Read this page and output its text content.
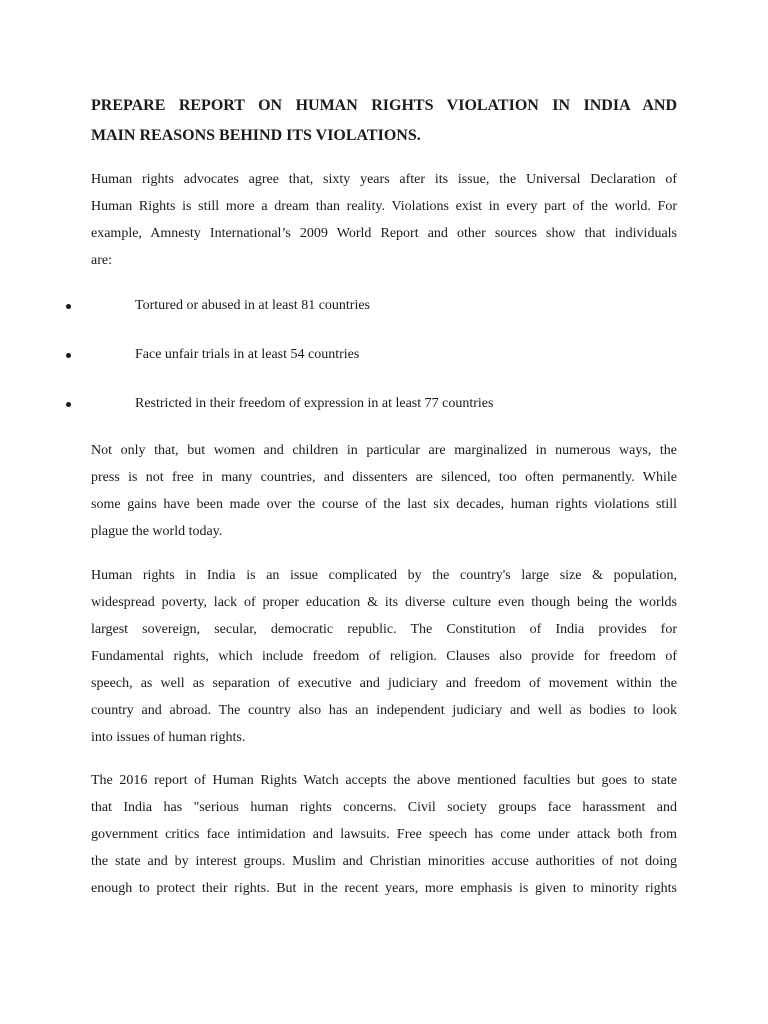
PREPARE REPORT ON HUMAN RIGHTS VIOLATION IN INDIA AND
MAIN REASONS BEHIND ITS VIOLATIONS.

Human rights advocates agree that, sixty years after its issue, the Universal Declaration of
Human Rights is still more a dream than reality. Violations exist in every part of the world. For
example, Amnesty International’s 2009 World Report and other sources show that individuals
are:

Tortured or abused in at least 81 countries
Face unfair trials in at least 54 countries
Restricted in their freedom of expression in at least 77 countries

Not only that, but women and children in particular are marginalized in numerous ways, the
press is not free in many countries, and dissenters are silenced, too often permanently. While
some gains have been made over the course of the last six decades, human rights violations still
plague the world today.

Human rights in India is an issue complicated by the country's large size & population,
widespread poverty, lack of proper education & its diverse culture even though being the worlds
largest sovereign, secular, democratic republic. The Constitution of India provides for
Fundamental rights, which include freedom of religion. Clauses also provide for freedom of
speech, as well as separation of executive and judiciary and freedom of movement within the
country and abroad. The country also has an independent judiciary and well as bodies to look
into issues of human rights.

The 2016 report of Human Rights Watch accepts the above mentioned faculties but goes to state
that India has "serious human rights concerns. Civil society groups face harassment and
government critics face intimidation and lawsuits. Free speech has come under attack both from
the state and by interest groups. Muslim and Christian minorities accuse authorities of not doing
enough to protect their rights. But in the recent years, more emphasis is given to minority rights
